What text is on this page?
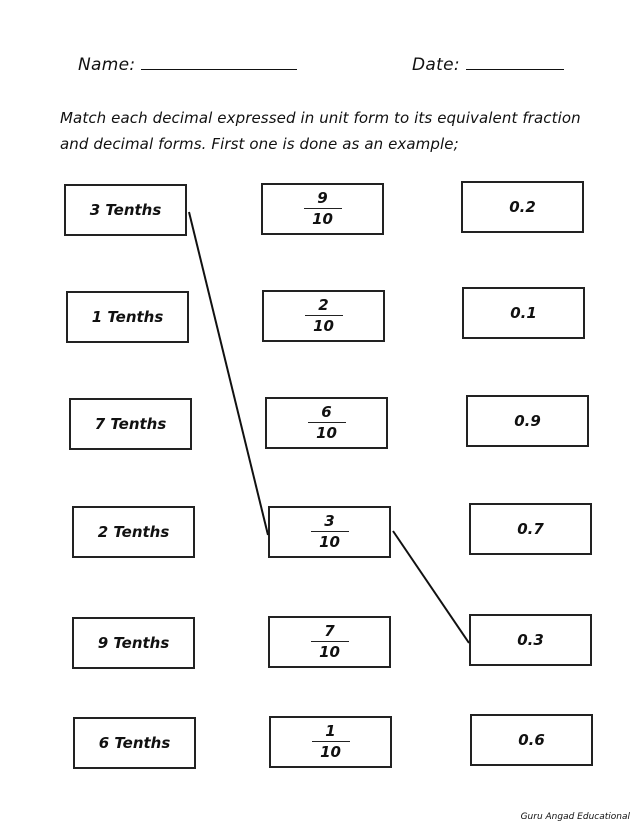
Name:	Date:
Match each decimal expressed in unit form to its equivalent fraction and decimal forms. First one is done as an example;
3 Tenths
1 Tenths
7 Tenths
2 Tenths
9 Tenths
6 Tenths
$\frac{9}{10}$
$\frac{2}{10}$
$\frac{6}{10}$
$\frac{3}{10}$
$\frac{7}{10}$
$\frac{1}{10}$
0.2
0.1
0.9
0.7
0.3
0.6
Guru Angad Educational
